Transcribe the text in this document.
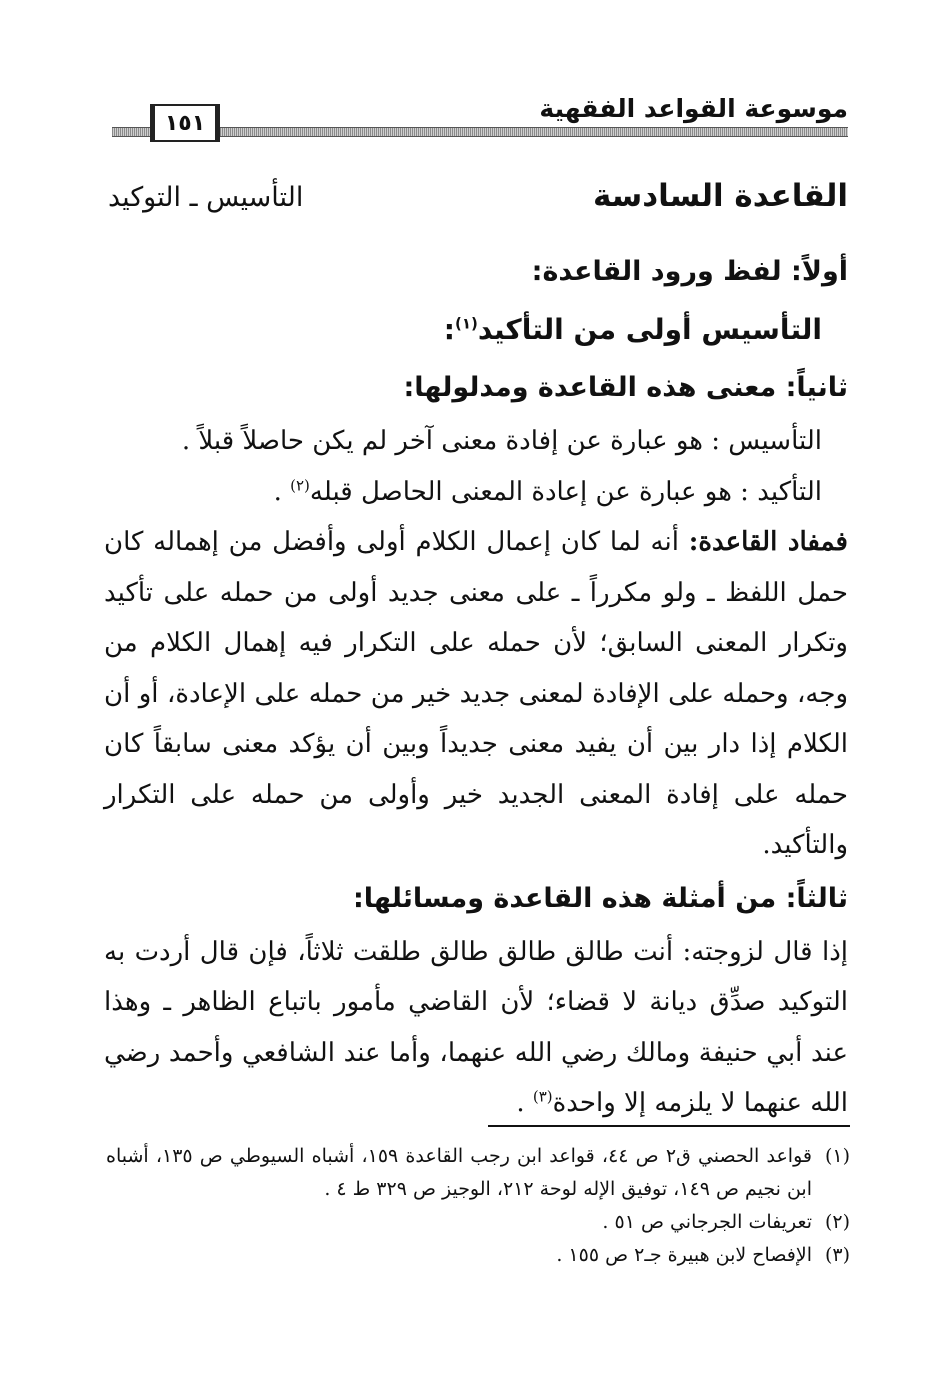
موسوعة القواعد الفقهية
١٥١
القاعدة السادسة
التأسيس ـ التوكيد
أولاً: لفظ ورود القاعدة:

التأسيس أولى من التأكيد$^{(١)}$:

ثانياً: معنى هذه القاعدة ومدلولها:

التأسيس : هو عبارة عن إفادة معنى آخر لم يكن حاصلاً قبلاً .

التأكيد : هو عبارة عن إعادة المعنى الحاصل قبله$^{(٢)}$ .

فمفاد القاعدة: أنه لما كان إعمال الكلام أولى وأفضل من إهماله كان حمل اللفظ ـ ولو مكرراً ـ على معنى جديد أولى من حمله على تأكيد وتكرار المعنى السابق؛ لأن حمله على التكرار فيه إهمال الكلام من وجه، وحمله على الإفادة لمعنى جديد خير من حمله على الإعادة، أو أن الكلام إذا دار بين أن يفيد معنى جديداً وبين أن يؤكد معنى سابقاً كان حمله على إفادة المعنى الجديد خير وأولى من حمله على التكرار والتأكيد.

ثالثاً: من أمثلة هذه القاعدة ومسائلها:

إذا قال لزوجته: أنت طالق طالق طالق طلقت ثلاثاً، فإن قال أردت به التوكيد صدِّق ديانة لا قضاء؛ لأن القاضي مأمور باتباع الظاهر ـ وهذا عند أبي حنيفة ومالك رضي الله عنهما، وأما عند الشافعي وأحمد رضي الله عنهما لا يلزمه إلا واحدة$^{(٣)}$ .

(١)
قواعد الحصني ق٢ ص ٤٤، قواعد ابن رجب القاعدة ١٥٩، أشباه السيوطي ص ١٣٥، أشباه ابن نجيم ص ١٤٩، توفيق الإله لوحة ٢١٢، الوجيز ص ٣٢٩ ط ٤ .
(٢)
تعريفات الجرجاني ص ٥١ .
(٣)
الإفصاح لابن هبيرة جـ٢ ص ١٥٥ .
